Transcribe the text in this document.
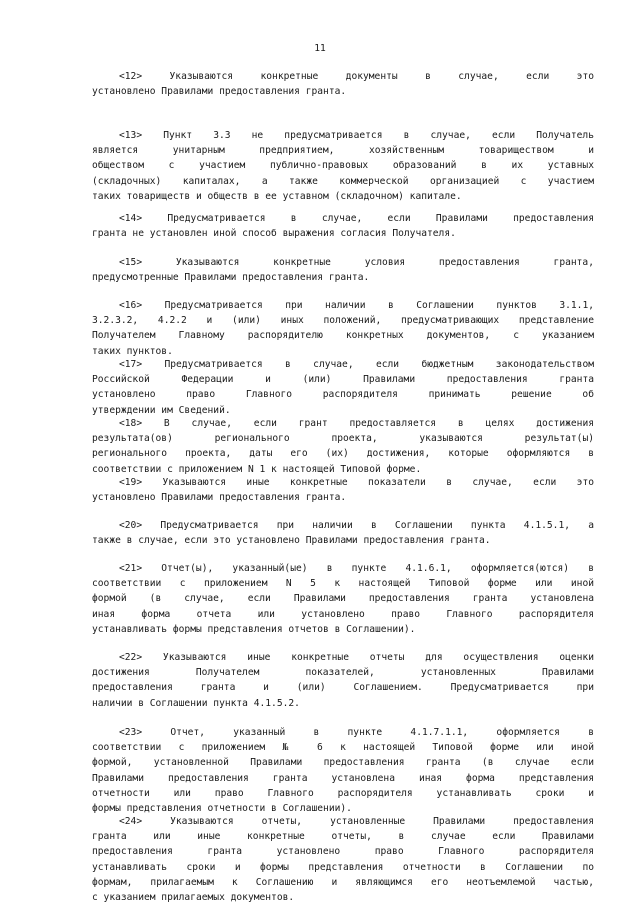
11
<12> Указываются конкретные документы в случае, если это
установлено Правилами предоставления гранта.
<13> Пункт 3.3 не предусматривается в случае, если Получатель
является унитарным предприятием, хозяйственным товариществом и
обществом с участием публично-правовых образований в их уставных
(складочных) капиталах, а также коммерческой организацией с участием
таких товариществ и обществ в ее уставном (складочном) капитале.
<14> Предусматривается в случае, если Правилами предоставления
гранта не установлен иной способ выражения согласия Получателя.
<15> Указываются конкретные условия предоставления гранта,
предусмотренные Правилами предоставления гранта.
<16> Предусматривается при наличии в Соглашении пунктов 3.1.1,
3.2.3.2, 4.2.2 и (или) иных положений, предусматривающих представление
Получателем Главному распорядителю конкретных документов, с указанием
таких пунктов.
<17> Предусматривается в случае, если бюджетным законодательством
Российской Федерации и (или) Правилами предоставления гранта
установлено право Главного распорядителя принимать решение об
утверждении им Сведений.
<18> В случае, если грант предоставляется в целях достижения
результата(ов) регионального проекта, указываются результат(ы)
регионального проекта, даты его (их) достижения, которые оформляются в
соответствии с приложением N 1 к настоящей Типовой форме.
<19> Указываются иные конкретные показатели в случае, если это
установлено Правилами предоставления гранта.
<20> Предусматривается при наличии в Соглашении пункта 4.1.5.1, а
также в случае, если это установлено Правилами предоставления гранта.
<21> Отчет(ы), указанный(ые) в пункте 4.1.6.1, оформляется(ются) в
соответствии с приложением N 5 к настоящей Типовой форме или иной
формой (в случае, если Правилами предоставления гранта установлена
иная форма отчета или установлено право Главного распорядителя
устанавливать формы представления отчетов в Соглашении).
<22> Указываются иные конкретные отчеты для осуществления оценки
достижения Получателем показателей, установленных Правилами
предоставления гранта и (или) Соглашением. Предусматривается при
наличии в Соглашении пункта 4.1.5.2.
<23> Отчет, указанный в пункте 4.1.7.1.1, оформляется в
соответствии с приложением № 6 к настоящей Типовой форме или иной
формой, установленной Правилами предоставления гранта (в случае если
Правилами предоставления гранта установлена иная форма представления
отчетности или право Главного распорядителя устанавливать сроки и
формы представления отчетности в Соглашении).
<24> Указываются отчеты, установленные Правилами предоставления
гранта или иные конкретные отчеты, в случае если Правилами
предоставления гранта установлено право Главного распорядителя
устанавливать сроки и формы представления отчетности в Соглашении по
формам, прилагаемым к Соглашению и являющимся его неотъемлемой частью,
с указанием прилагаемых документов.
